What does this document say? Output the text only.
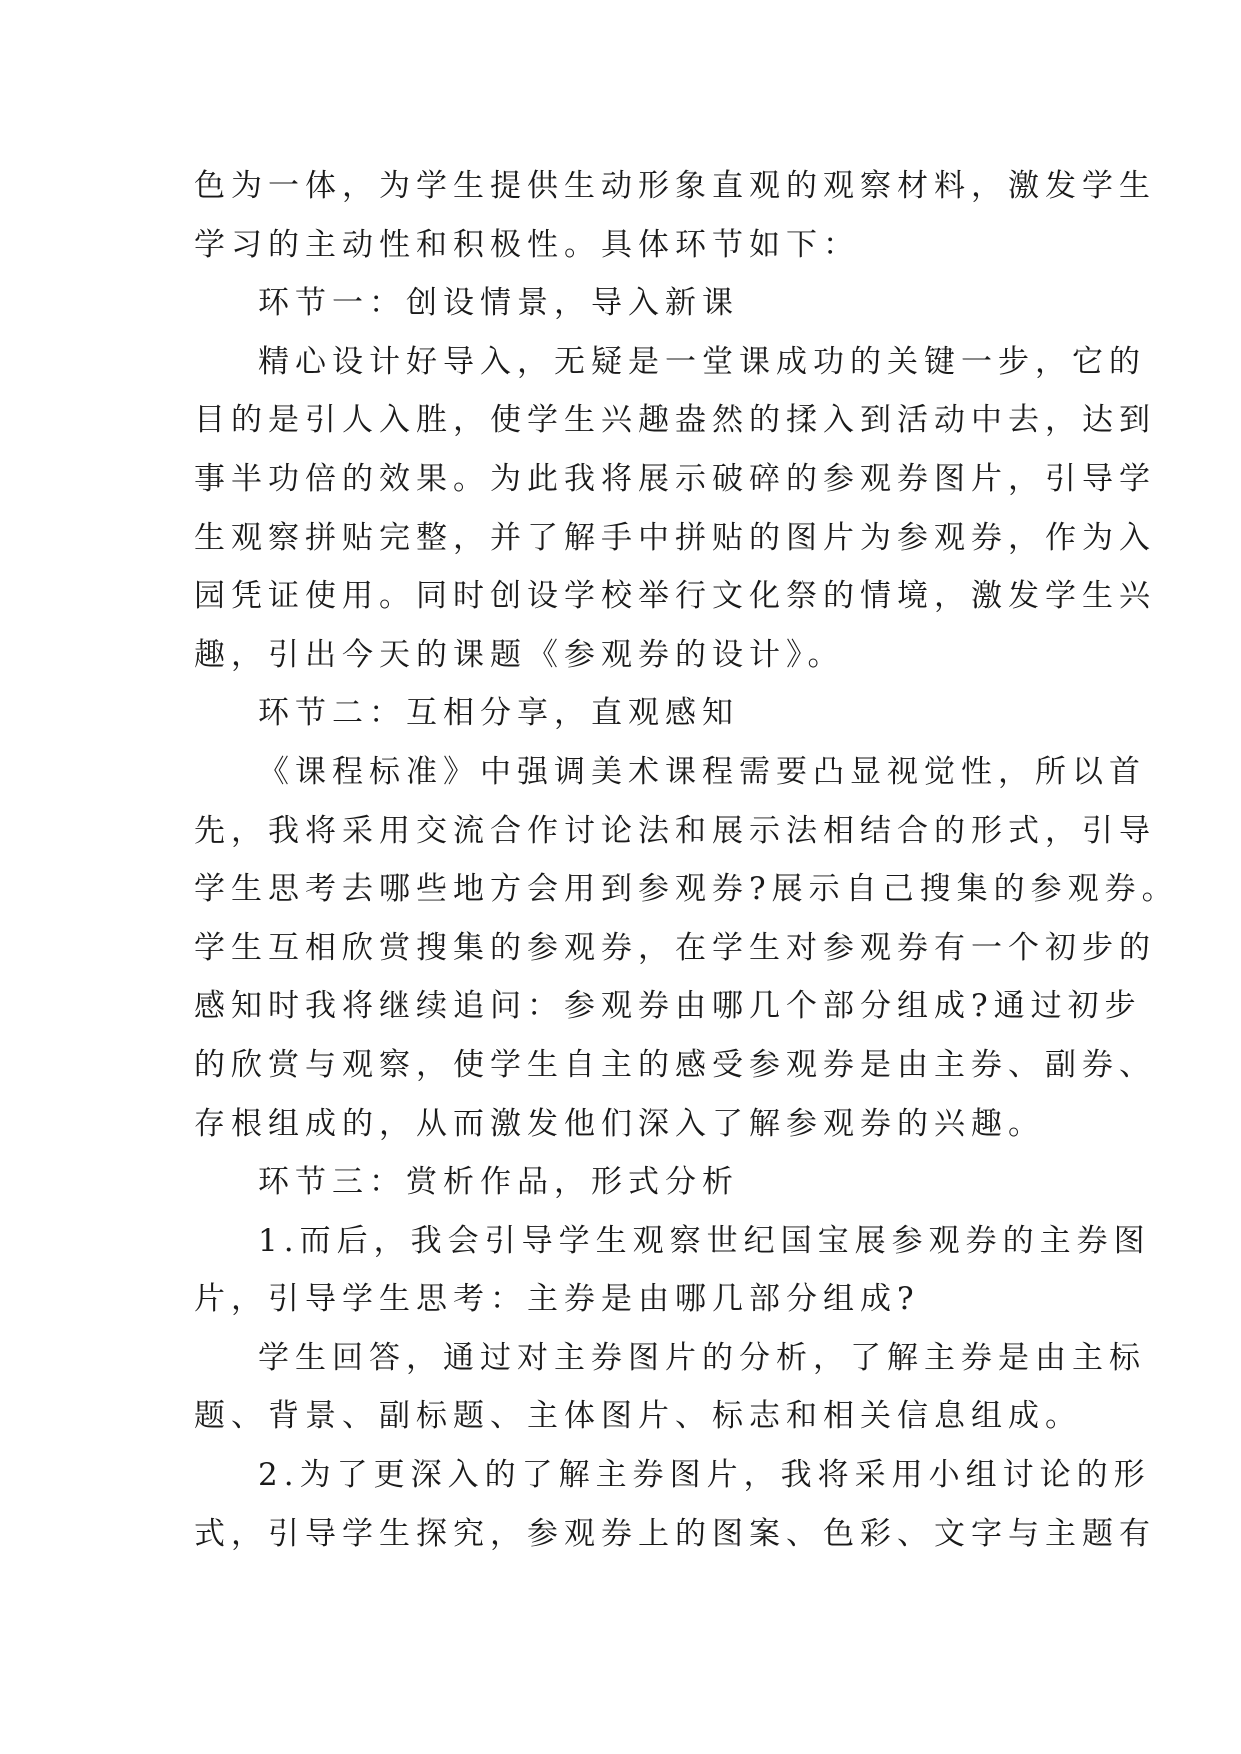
色为一体，为学生提供生动形象直观的观察材料，激发学生
学习的主动性和积极性。具体环节如下：
环节一：创设情景，导入新课
精心设计好导入，无疑是一堂课成功的关键一步，它的
目的是引人入胜，使学生兴趣盎然的揉入到活动中去，达到
事半功倍的效果。为此我将展示破碎的参观券图片，引导学
生观察拼贴完整，并了解手中拼贴的图片为参观券，作为入
园凭证使用。同时创设学校举行文化祭的情境，激发学生兴
趣，引出今天的课题《参观券的设计》。
环节二：互相分享，直观感知
《课程标准》中强调美术课程需要凸显视觉性，所以首
先，我将采用交流合作讨论法和展示法相结合的形式，引导
学生思考去哪些地方会用到参观券?展示自己搜集的参观券。
学生互相欣赏搜集的参观券，在学生对参观券有一个初步的
感知时我将继续追问：参观券由哪几个部分组成?通过初步
的欣赏与观察，使学生自主的感受参观券是由主券、副券、
存根组成的，从而激发他们深入了解参观券的兴趣。
环节三：赏析作品，形式分析
1.而后，我会引导学生观察世纪国宝展参观券的主券图
片，引导学生思考：主券是由哪几部分组成?
学生回答，通过对主券图片的分析，了解主券是由主标
题、背景、副标题、主体图片、标志和相关信息组成。
2.为了更深入的了解主券图片，我将采用小组讨论的形
式，引导学生探究，参观券上的图案、色彩、文字与主题有
